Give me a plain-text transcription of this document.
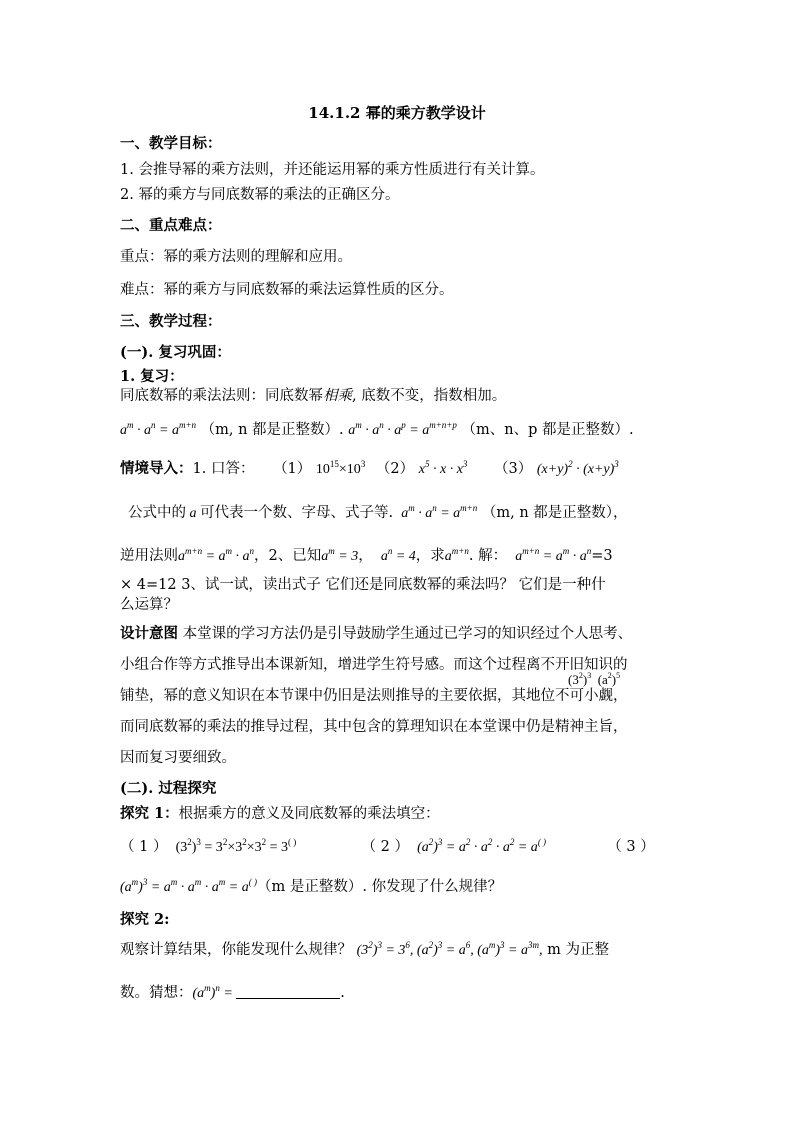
14.1.2 幂的乘方教学设计
一、教学目标：
1. 会推导幂的乘方法则，并还能运用幂的乘方性质进行有关计算。
2. 幂的乘方与同底数幂的乘法的正确区分。
二、重点难点：
重点：幂的乘方法则的理解和应用。
难点：幂的乘方与同底数幂的乘法运算性质的区分。
三、教学过程：
(一). 复习巩固：
1. 复习：
同底数幂的乘法法则：同底数幂相乘, 底数不变，指数相加。
$a^m \cdot a^n = a^{m+n}$ （m, n 都是正整数）. $a^m \cdot a^n \cdot a^p = a^{m+n+p}$ （m、n、p 都是正整数）.
情境导入：1. 口答： （1） $10^{15}\times 10^3$ （2） $x^5 \cdot x \cdot x^3$ （3） $(x+y)^2 \cdot (x+y)^3$
公式中的 a 可代表一个数、字母、式子等.  $a^m \cdot a^n = a^{m+n}$ （m, n 都是正整数），
逆用法则$a^{m+n} = a^m \cdot a^n$，2、已知$a^m = 3$，  $a^n = 4$，求$a^{m+n}$. 解：  $a^{m+n} = a^m \cdot a^n=3$
× 4=12 3、试一试，读出式子 它们还是同底数幂的乘法吗？ 它们是一种什
么运算？
设计意图 本堂课的学习方法仍是引导鼓励学生通过已学习的知识经过个人思考、
小组合作等方式推导出本课新知，增进学生符号感。而这个过程离不开旧知识的
铺垫，幂的意义知识在本节课中仍旧是法则推导的主要依据，其地位不可小觑，
$(3^2)^3$  $(a^2)^5$
而同底数幂的乘法的推导过程，其中包含的算理知识在本堂课中仍是精神主旨，
因而复习要细致。
(二). 过程探究
探究 1：根据乘方的意义及同底数幂的乘法填空：
（ 1 ）  $(3^2)^3 = 3^2\times 3^2\times 3^2 = 3^{( )}$	（ 2 ）  $(a^2)^3 = a^2 \cdot a^2 \cdot a^2 = a^{( )}$	（ 3 ）
$(a^m)^3 = a^m \cdot a^m \cdot a^m = a^{( )}(m$ 是正整数）. 你发现了什么规律？
探究 2:
观察计算结果，你能发现什么规律？ $(3^2)^3 = 3^6$, $(a^2)^3 = a^6$, $(a^m)^3 = a^{3m}$, m 为正整
数。猜想：$(a^m)^n$ =	.
